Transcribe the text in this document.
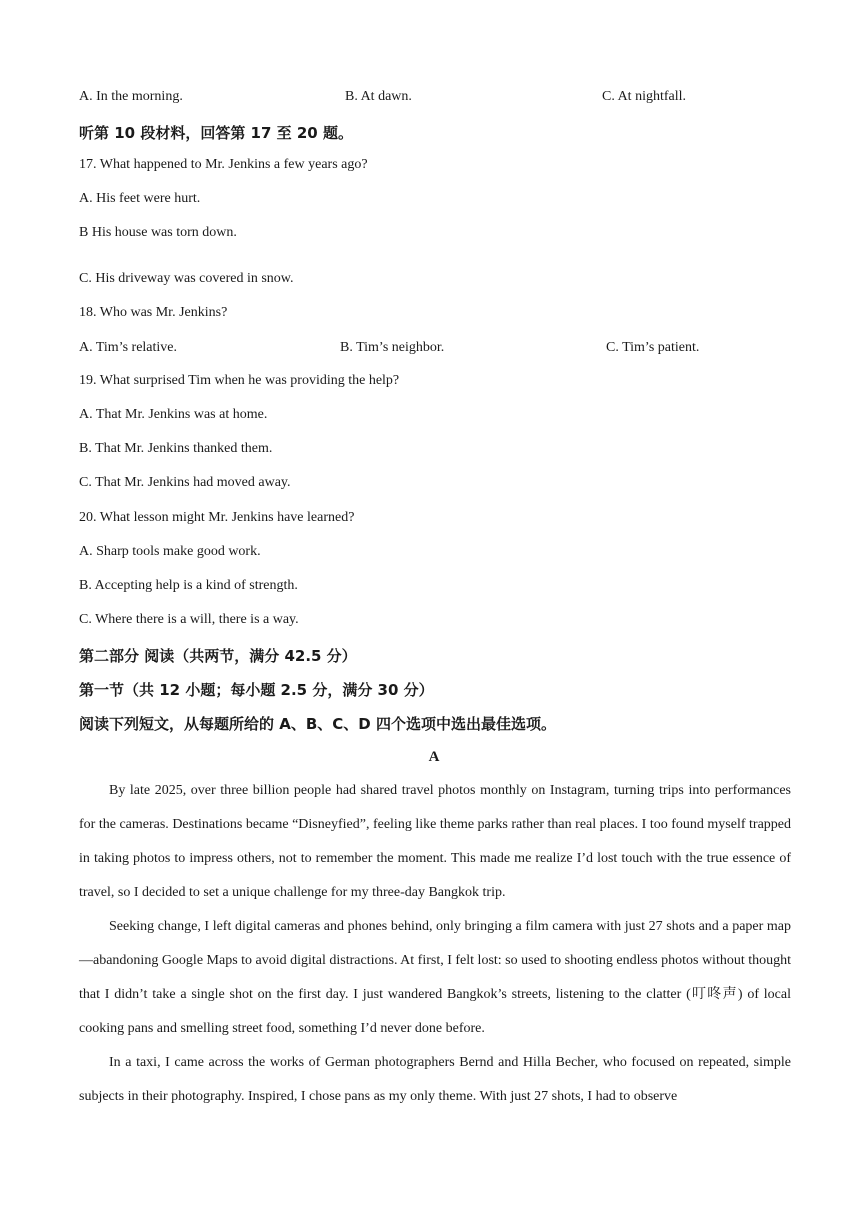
A. In the morning.	B. At dawn.	C. At nightfall.
听第 10 段材料，回答第 17 至 20 题。
17. What happened to Mr. Jenkins a few years ago?
A. His feet were hurt.
B His house was torn down.
C. His driveway was covered in snow.
18. Who was Mr. Jenkins?
A. Tim’s relative.	B. Tim’s neighbor.	C. Tim’s patient.
19. What surprised Tim when he was providing the help?
A. That Mr. Jenkins was at home.
B. That Mr. Jenkins thanked them.
C. That Mr. Jenkins had moved away.
20. What lesson might Mr. Jenkins have learned?
A. Sharp tools make good work.
B. Accepting help is a kind of strength.
C. Where there is a will, there is a way.
第二部分 阅读（共两节，满分 42.5 分）
第一节（共 12 小题；每小题 2.5 分，满分 30 分）
阅读下列短文，从每题所给的 A、B、C、D 四个选项中选出最佳选项。
A

By late 2025, over three billion people had shared travel photos monthly on Instagram, turning trips into performances for the cameras. Destinations became “Disneyfied”, feeling like theme parks rather than real places. I too found myself trapped in taking photos to impress others, not to remember the moment. This made me realize I’d lost touch with the true essence of travel, so I decided to set a unique challenge for my three-day Bangkok trip.

Seeking change, I left digital cameras and phones behind, only bringing a film camera with just 27 shots and a paper map—abandoning Google Maps to avoid digital distractions. At first, I felt lost: so used to shooting endless photos without thought that I didn’t take a single shot on the first day. I just wandered Bangkok’s streets, listening to the clatter (叮咚声) of local cooking pans and smelling street food, something I’d never done before.

In a taxi, I came across the works of German photographers Bernd and Hilla Becher, who focused on repeated, simple subjects in their photography. Inspired, I chose pans as my only theme. With just 27 shots, I had to observe
